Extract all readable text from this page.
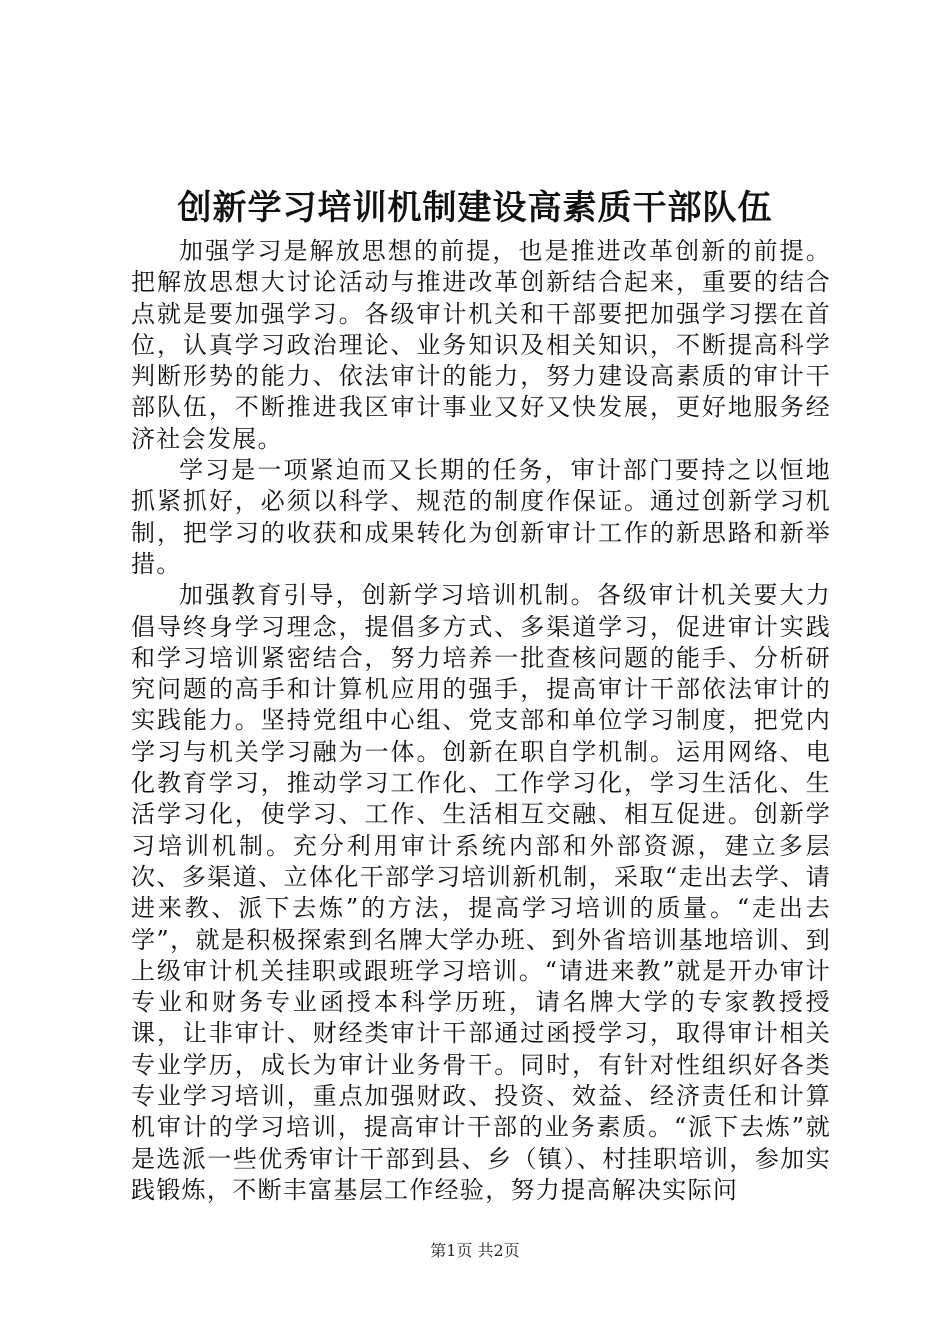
创新学习培训机制建设高素质干部队伍

加强学习是解放思想的前提，也是推进改革创新的前提。把解放思想大讨论活动与推进改革创新结合起来，重要的结合点就是要加强学习。各级审计机关和干部要把加强学习摆在首位，认真学习政治理论、业务知识及相关知识，不断提高科学判断形势的能力、依法审计的能力，努力建设高素质的审计干部队伍，不断推进我区审计事业又好又快发展，更好地服务经济社会发展。

学习是一项紧迫而又长期的任务，审计部门要持之以恒地抓紧抓好，必须以科学、规范的制度作保证。通过创新学习机制，把学习的收获和成果转化为创新审计工作的新思路和新举措。

加强教育引导，创新学习培训机制。各级审计机关要大力倡导终身学习理念，提倡多方式、多渠道学习，促进审计实践和学习培训紧密结合，努力培养一批查核问题的能手、分析研究问题的高手和计算机应用的强手，提高审计干部依法审计的实践能力。坚持党组中心组、党支部和单位学习制度，把党内学习与机关学习融为一体。创新在职自学机制。运用网络、电化教育学习，推动学习工作化、工作学习化，学习生活化、生活学习化，使学习、工作、生活相互交融、相互促进。创新学习培训机制。充分利用审计系统内部和外部资源，建立多层次、多渠道、立体化干部学习培训新机制，采取“走出去学、请进来教、派下去炼”的方法，提高学习培训的质量。“走出去学”，就是积极探索到名牌大学办班、到外省培训基地培训、到上级审计机关挂职或跟班学习培训。“请进来教”就是开办审计专业和财务专业函授本科学历班，请名牌大学的专家教授授课，让非审计、财经类审计干部通过函授学习，取得审计相关专业学历，成长为审计业务骨干。同时，有针对性组织好各类专业学习培训，重点加强财政、投资、效益、经济责任和计算机审计的学习培训，提高审计干部的业务素质。“派下去炼”就是选派一些优秀审计干部到县、乡（镇）、村挂职培训，参加实践锻炼，不断丰富基层工作经验，努力提高解决实际问

第1页 共2页
